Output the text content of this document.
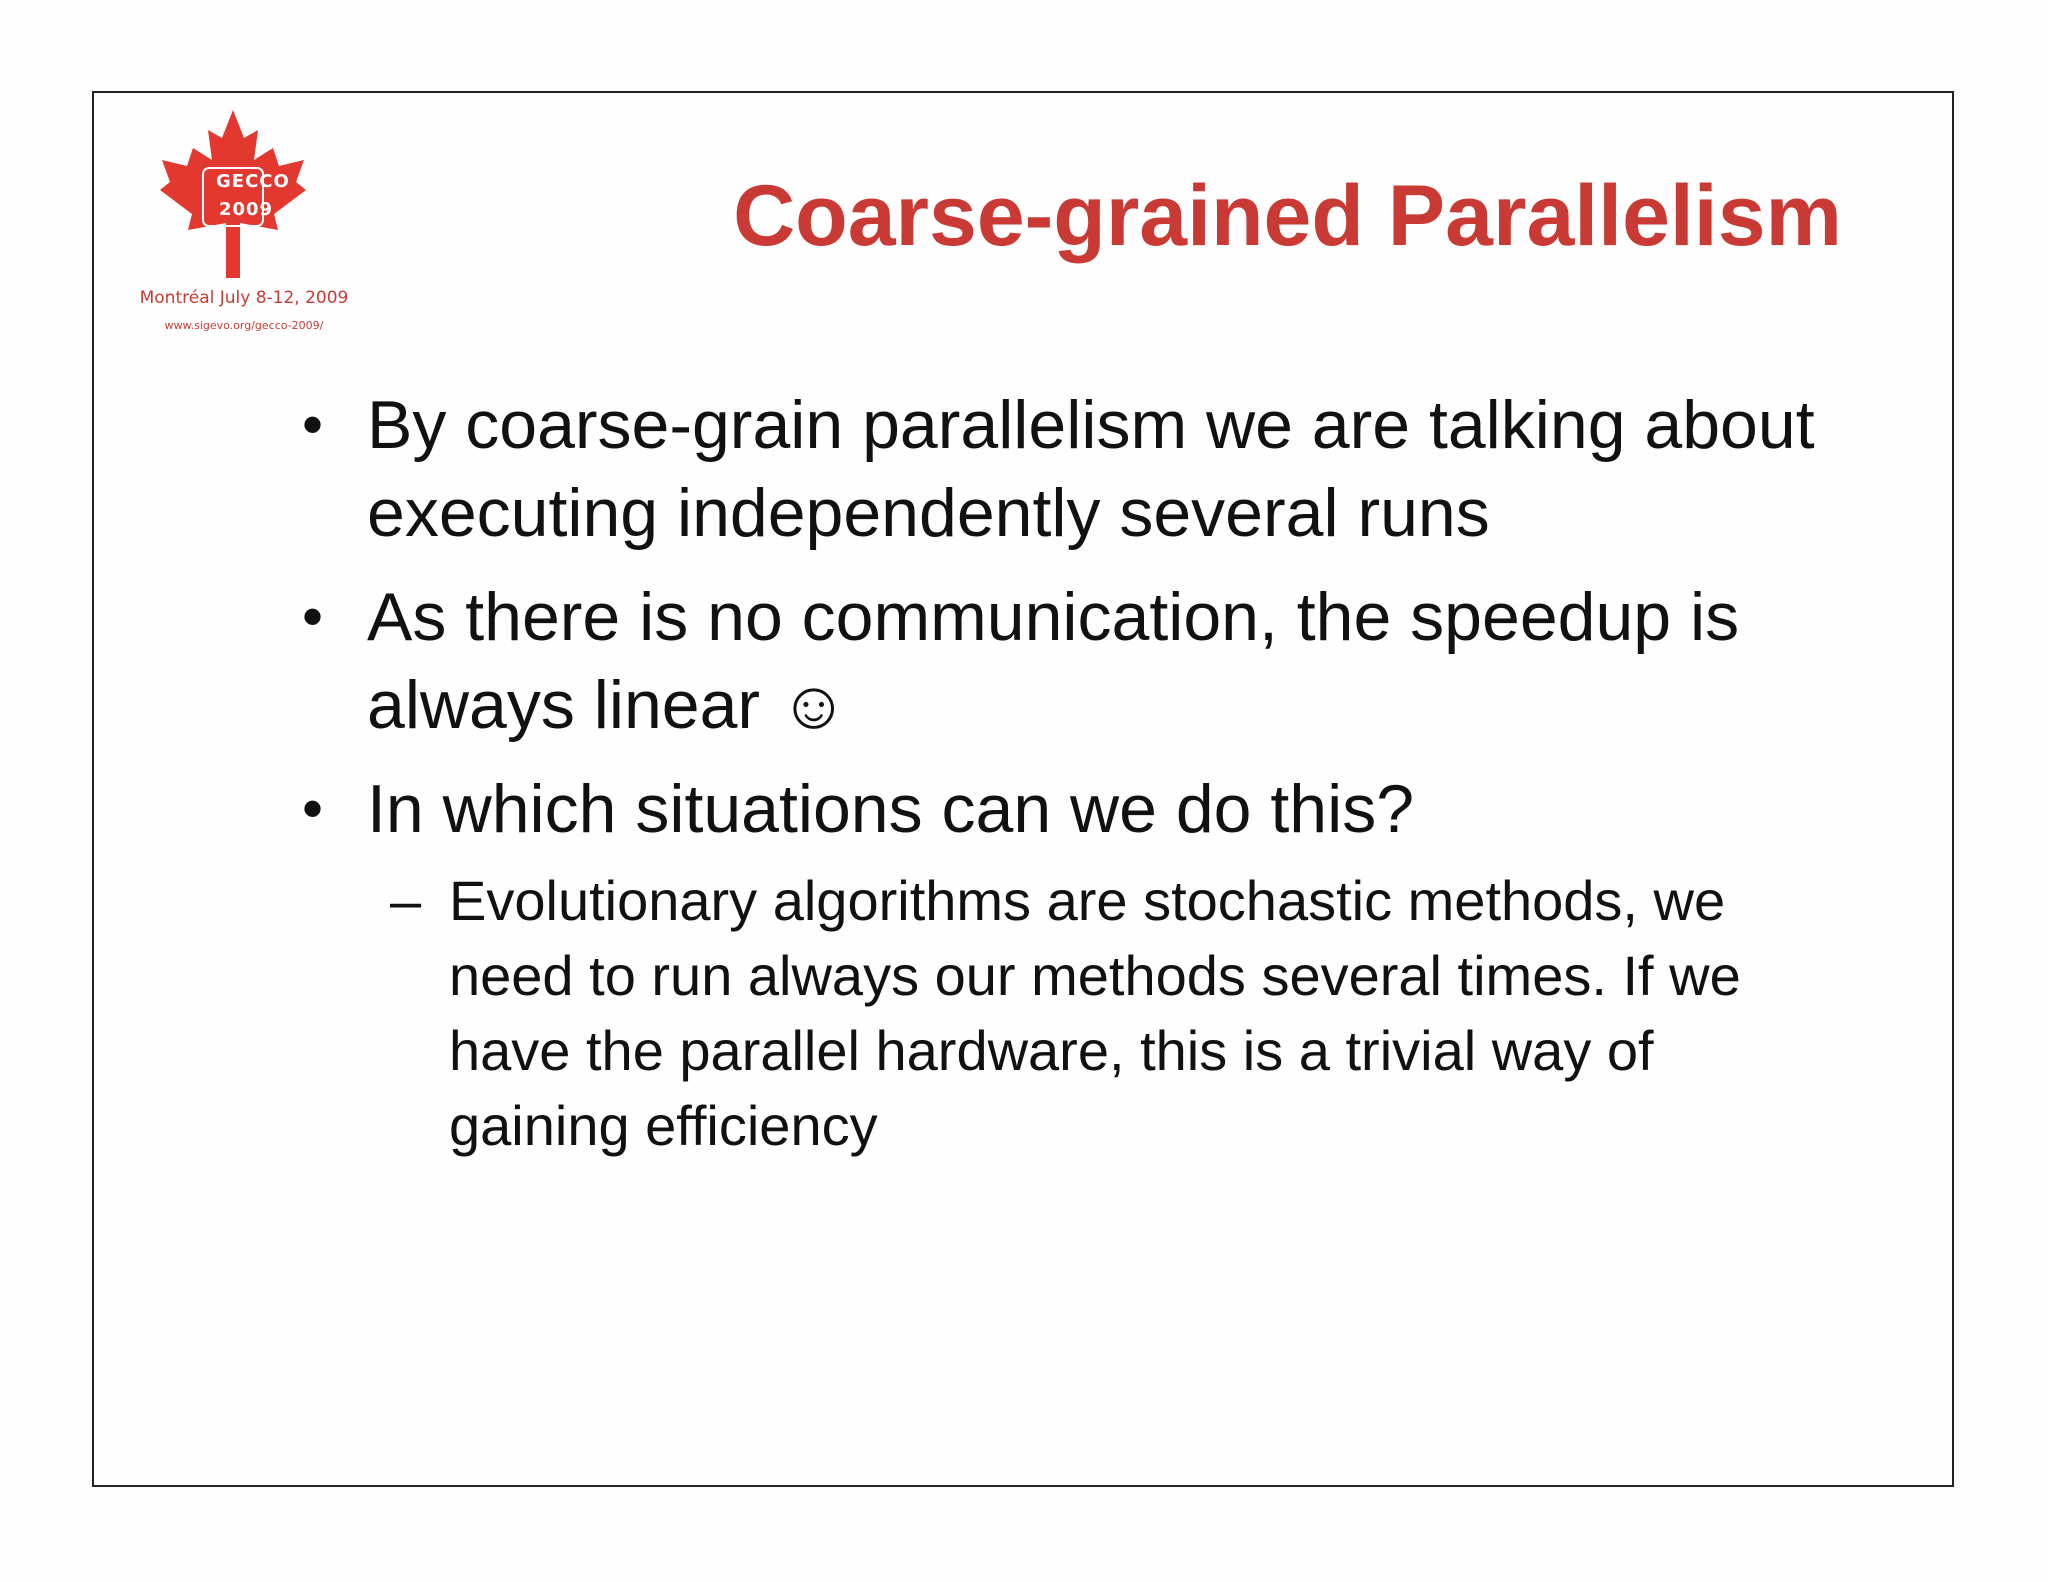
GECCO
2009
Montréal July 8-12, 2009
www.sigevo.org/gecco-2009/
Coarse-grained Parallelism
• By coarse-grain parallelism we are talking about executing independently several runs
• As there is no communication, the speedup is always linear ☺
• In which situations can we do this?
– Evolutionary algorithms are stochastic methods, we need to run always our methods several times. If we have the parallel hardware, this is a trivial way of gaining efficiency
